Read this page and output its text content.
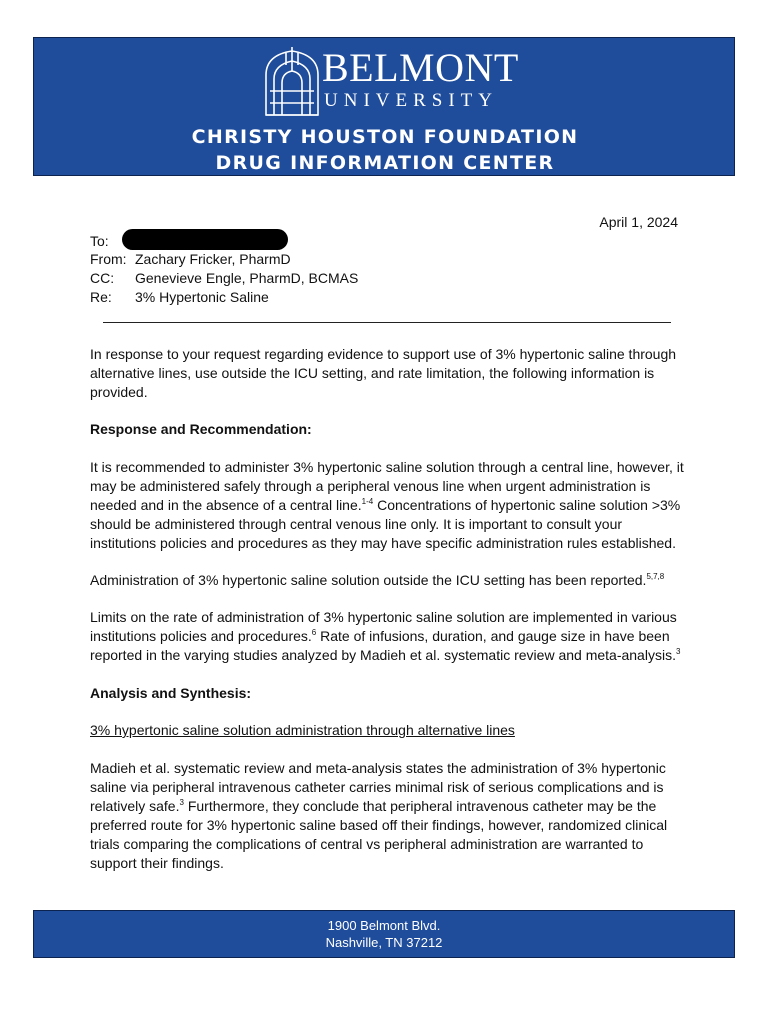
BELMONT
UNIVERSITY
CHRISTY HOUSTON FOUNDATION
DRUG INFORMATION CENTER
April 1, 2024
To:
From: Zachary Fricker, PharmD
CC: Genevieve Engle, PharmD, BCMAS
Re: 3% Hypertonic Saline

In response to your request regarding evidence to support use of 3% hypertonic saline through alternative lines, use outside the ICU setting, and rate limitation, the following information is provided.

Response and Recommendation:

It is recommended to administer 3% hypertonic saline solution through a central line, however, it may be administered safely through a peripheral venous line when urgent administration is needed and in the absence of a central line.$^{1-4}$ Concentrations of hypertonic saline solution >3% should be administered through central venous line only. It is important to consult your institutions policies and procedures as they may have specific administration rules established.

Administration of 3% hypertonic saline solution outside the ICU setting has been reported.$^{5,7,8}$

Limits on the rate of administration of 3% hypertonic saline solution are implemented in various institutions policies and procedures.$^6$ Rate of infusions, duration, and gauge size in have been reported in the varying studies analyzed by Madieh et al. systematic review and meta-analysis.$^3$

Analysis and Synthesis:

3% hypertonic saline solution administration through alternative lines

Madieh et al. systematic review and meta-analysis states the administration of 3% hypertonic saline via peripheral intravenous catheter carries minimal risk of serious complications and is relatively safe.$^3$ Furthermore, they conclude that peripheral intravenous catheter may be the preferred route for 3% hypertonic saline based off their findings, however, randomized clinical trials comparing the complications of central vs peripheral administration are warranted to support their findings.

1900 Belmont Blvd.
Nashville, TN 37212
